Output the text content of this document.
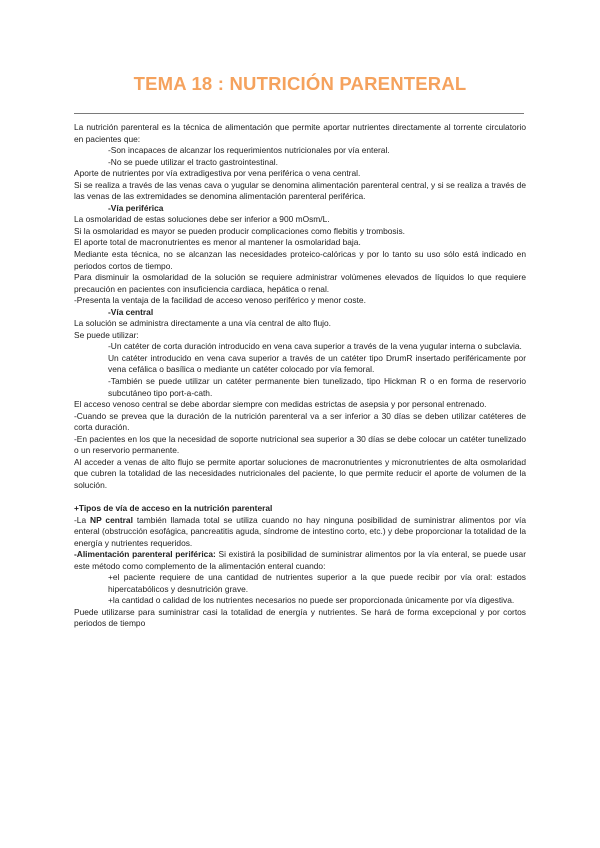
TEMA 18 : NUTRICIÓN PARENTERAL

La nutrición parenteral es la técnica de alimentación que permite aportar nutrientes directamente al torrente circulatorio en pacientes que:

-Son incapaces de alcanzar los requerimientos nutricionales por vía enteral.

-No se puede utilizar el tracto gastrointestinal.

Aporte de nutrientes por vía extradigestiva por vena periférica o vena central.

Si se realiza a través de las venas cava o yugular se denomina alimentación parenteral central, y si se realiza a través de las venas de las extremidades se denomina alimentación parenteral periférica.

-Vía periférica

La osmolaridad de estas soluciones debe ser inferior a 900 mOsm/L.

Si la osmolaridad es mayor se pueden producir complicaciones como flebitis y trombosis.

El aporte total de macronutrientes es menor al mantener la osmolaridad baja.

Mediante esta técnica, no se alcanzan las necesidades proteico-calóricas y por lo tanto su uso sólo está indicado en periodos cortos de tiempo.

Para disminuir la osmolaridad de la solución se requiere administrar volúmenes elevados de líquidos lo que requiere precaución en pacientes con insuficiencia cardiaca, hepática o renal.

-Presenta la ventaja de la facilidad de acceso venoso periférico y menor coste.

-Vía central

La solución se administra directamente a una vía central de alto flujo.

Se puede utilizar:

-Un catéter de corta duración introducido en vena cava superior a través de la vena yugular interna o subclavia.

Un catéter introducido en vena cava superior a través de un catéter tipo DrumR insertado periféricamente por vena cefálica o basílica o mediante un catéter colocado por vía femoral.

-También se puede utilizar un catéter permanente bien tunelizado, tipo Hickman R o en forma de reservorio subcutáneo tipo port-a-cath.

El acceso venoso central se debe abordar siempre con medidas estrictas de asepsia y por personal entrenado.

-Cuando se prevea que la duración de la nutrición parenteral va a ser inferior a 30 días se deben utilizar catéteres de corta duración.

-En pacientes en los que la necesidad de soporte nutricional sea superior a 30 días se debe colocar un catéter tunelizado o un reservorio permanente.

Al acceder a venas de alto flujo se permite aportar soluciones de macronutrientes y micronutrientes de alta osmolaridad que cubren la totalidad de las necesidades nutricionales del paciente, lo que permite reducir el aporte de volumen de la solución.

+Tipos de vía de acceso en la nutrición parenteral

-La NP central también llamada total se utiliza cuando no hay ninguna posibilidad de suministrar alimentos por vía enteral (obstrucción esofágica, pancreatitis aguda, síndrome de intestino corto, etc.) y debe proporcionar la totalidad de la energía y nutrientes requeridos.

-Alimentación parenteral periférica: Si existirá la posibilidad de suministrar alimentos por la vía enteral, se puede usar este método como complemento de la alimentación enteral cuando:

+el paciente requiere de una cantidad de nutrientes superior a la que puede recibir por vía oral: estados hipercatabólicos y desnutrición grave.

+la cantidad o calidad de los nutrientes necesarios no puede ser proporcionada únicamente por vía digestiva.

Puede utilizarse para suministrar casi la totalidad de energía y nutrientes. Se hará de forma excepcional y por cortos periodos de tiempo
